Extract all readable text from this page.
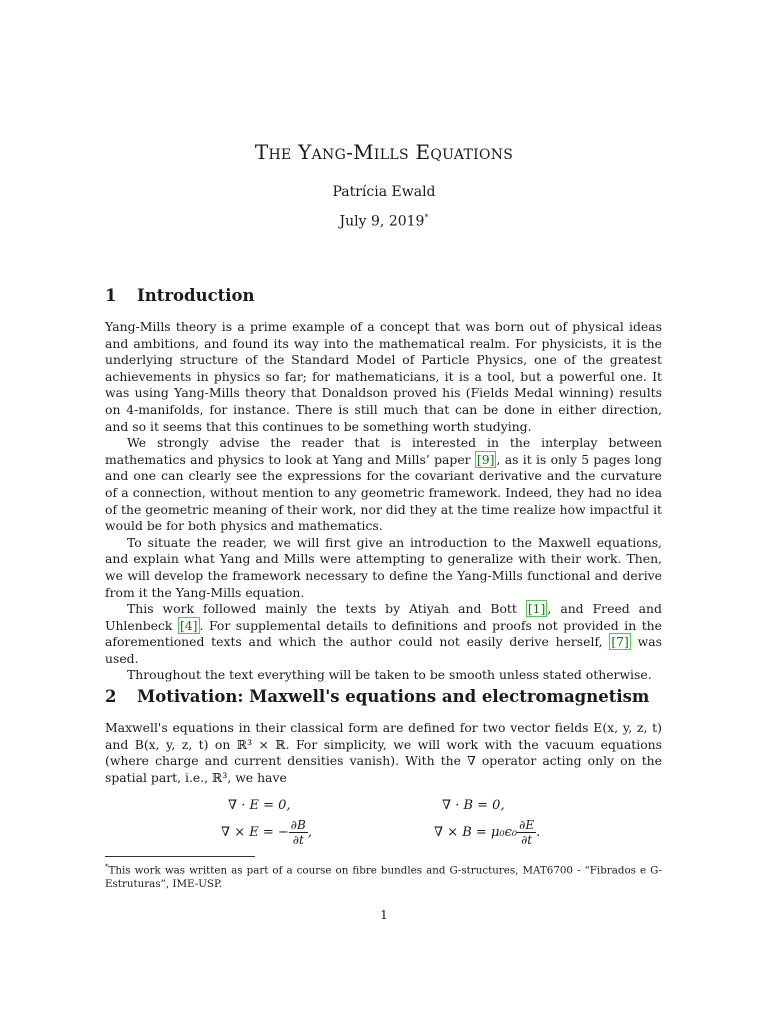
The Yang-Mills Equations
Patrícia Ewald
July 9, 2019*
1 Introduction

Yang-Mills theory is a prime example of a concept that was born out of physical ideas and ambitions, and found its way into the mathematical realm. For physicists, it is the underlying structure of the Standard Model of Particle Physics, one of the greatest achievements in physics so far; for mathematicians, it is a tool, but a powerful one. It was using Yang-Mills theory that Donaldson proved his (Fields Medal winning) results on 4-manifolds, for instance. There is still much that can be done in either direction, and so it seems that this continues to be something worth studying.

We strongly advise the reader that is interested in the interplay between mathematics and physics to look at Yang and Mills’ paper [9] , as it is only 5 pages long and one can clearly see the expressions for the covariant derivative and the curvature of a connection, without mention to any geometric framework. Indeed, they had no idea of the geometric meaning of their work, nor did they at the time realize how impactful it would be for both physics and mathematics.

To situate the reader, we will first give an introduction to the Maxwell equations, and explain what Yang and Mills were attempting to generalize with their work. Then, we will develop the framework necessary to define the Yang-Mills functional and derive from it the Yang-Mills equation.

This work followed mainly the texts by Atiyah and Bott [1] , and Freed and Uhlenbeck [4] . For supplemental details to definitions and proofs not provided in the aforementioned texts and which the author could not easily derive herself, [7] was used.

Throughout the text everything will be taken to be smooth unless stated otherwise.

2 Motivation: Maxwell's equations and electromagnetism

Maxwell's equations in their classical form are defined for two vector fields E(x, y, z, t) and B(x, y, z, t) on ℝ³ × ℝ. For simplicity, we will work with the vacuum equations (where charge and current densities vanish). With the ∇ operator acting only on the spatial part, i.e., ℝ³, we have

∇ · E = 0,	∇ · B = 0,
∇ × E = − $\frac{\partial B}{\partial t}$ ,	∇ × $B = \mu_0\epsilon_0 \frac{\partial E}{\partial t}$ .
*This work was written as part of a course on fibre bundles and G-structures, MAT6700 - “Fibrados e G-Estruturas”, IME-USP.
1
